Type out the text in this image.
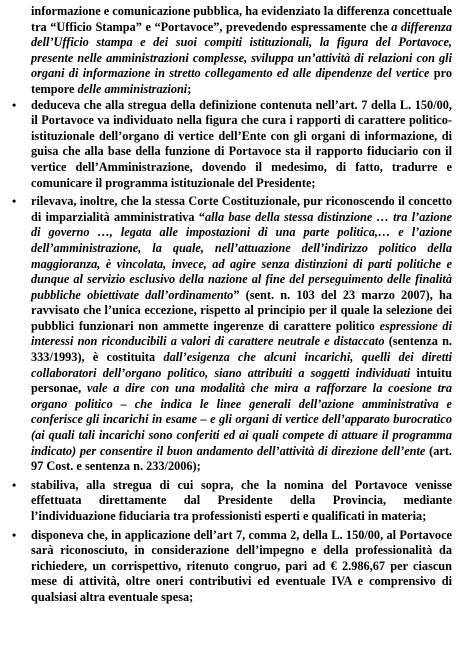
informazione e comunicazione pubblica, ha evidenziato la differenza concettuale tra “Ufficio Stampa” e “Portavoce”, prevedendo espressamente che a differenza dell’Ufficio stampa e dei suoi compiti istituzionali, la figura del Portavoce, presente nelle amministrazioni complesse, sviluppa un’attività di relazioni con gli organi di informazione in stretto collegamento ed alle dipendenze del vertice pro tempore delle amministrazioni;
•	deduceva che alla stregua della definizione contenuta nell’art. 7 della L. 150/00, il Portavoce va individuato nella figura che cura i rapporti di carattere politico-istituzionale dell’organo di vertice dell’Ente con gli organi di informazione, di guisa che alla base della funzione di Portavoce sta il rapporto fiduciario con il vertice dell’Amministrazione, dovendo il medesimo, di fatto, tradurre e comunicare il programma istituzionale del Presidente;
•	rilevava, inoltre, che la stessa Corte Costituzionale, pur riconoscendo il concetto di imparzialità amministrativa “alla base della stessa distinzione … tra l’azione di governo …, legata alle impostazioni di una parte politica,… e l’azione dell’amministrazione, la quale, nell’attuazione dell’indirizzo politico della maggioranza, è vincolata, invece, ad agire senza distinzioni di parti politiche e dunque al servizio esclusivo della nazione al fine del perseguimento delle finalità pubbliche obiettivate dall’ordinamento” (sent. n. 103 del 23 marzo 2007), ha ravvisato che l’unica eccezione, rispetto al principio per il quale la selezione dei pubblici funzionari non ammette ingerenze di carattere politico espressione di interessi non riconducibili a valori di carattere neutrale e distaccato (sentenza n. 333/1993), è costituita dall’esigenza che alcuni incarichi, quelli dei diretti collaboratori dell’organo politico, siano attribuiti a soggetti individuati intuitu personae, vale a dire con una modalità che mira a rafforzare la coesione tra organo politico – che indica le linee generali dell’azione amministrativa e conferisce gli incarichi in esame – e gli organi di vertice dell’apparato burocratico (ai quali tali incarichi sono conferiti ed ai quali compete di attuare il programma indicato) per consentire il buon andamento dell’attività di direzione dell’ente (art. 97 Cost. e sentenza n. 233/2006);
•	stabiliva, alla stregua di cui sopra, che la nomina del Portavoce venisse effettuata direttamente dal Presidente della Provincia, mediante l’individuazione fiduciaria tra professionisti esperti e qualificati in materia;
•	disponeva che, in applicazione dell’art 7, comma 2, della L. 150/00, al Portavoce sarà riconosciuto, in considerazione dell’impegno e della professionalità da richiedere, un corrispettivo, ritenuto congruo, pari ad € 2.986,67 per ciascun mese di attività, oltre oneri contributivi ed eventuale IVA e comprensivo di qualsiasi altra eventuale spesa;
